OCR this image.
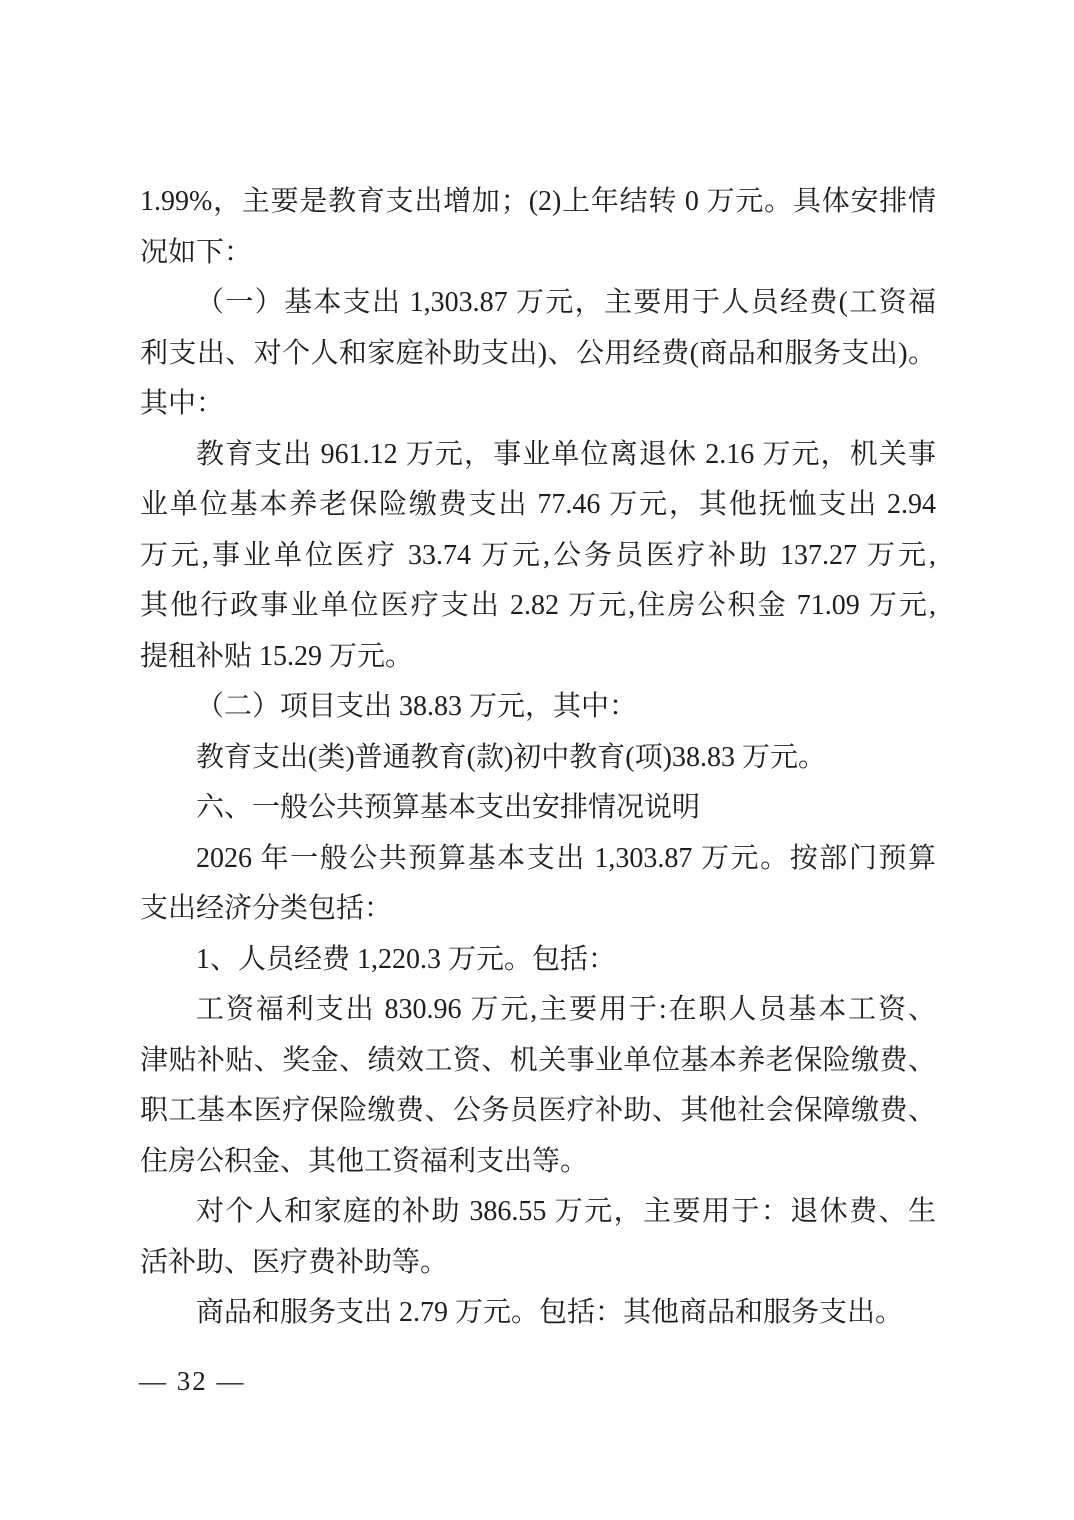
1.99%，主要是教育支出增加；(2)上年结转 0 万元。具体安排情
况如下：
（一）基本支出 1,303.87 万元，主要用于人员经费(工资福
利支出、对个人和家庭补助支出)、公用经费(商品和服务支出)。
其中：
教育支出 961.12 万元，事业单位离退休 2.16 万元，机关事
业单位基本养老保险缴费支出 77.46 万元，其他抚恤支出 2.94
万元,事业单位医疗 33.74 万元,公务员医疗补助 137.27 万元,
其他行政事业单位医疗支出 2.82 万元,住房公积金 71.09 万元,
提租补贴 15.29 万元。
（二）项目支出 38.83 万元，其中：
教育支出(类)普通教育(款)初中教育(项)38.83 万元。
六、一般公共预算基本支出安排情况说明
2026 年一般公共预算基本支出 1,303.87 万元。按部门预算
支出经济分类包括：
1、人员经费 1,220.3 万元。包括：
工资福利支出 830.96 万元,主要用于:在职人员基本工资、
津贴补贴、奖金、绩效工资、机关事业单位基本养老保险缴费、
职工基本医疗保险缴费、公务员医疗补助、其他社会保障缴费、
住房公积金、其他工资福利支出等。
对个人和家庭的补助 386.55 万元，主要用于：退休费、生
活补助、医疗费补助等。
商品和服务支出 2.79 万元。包括：其他商品和服务支出。
— 32 —
